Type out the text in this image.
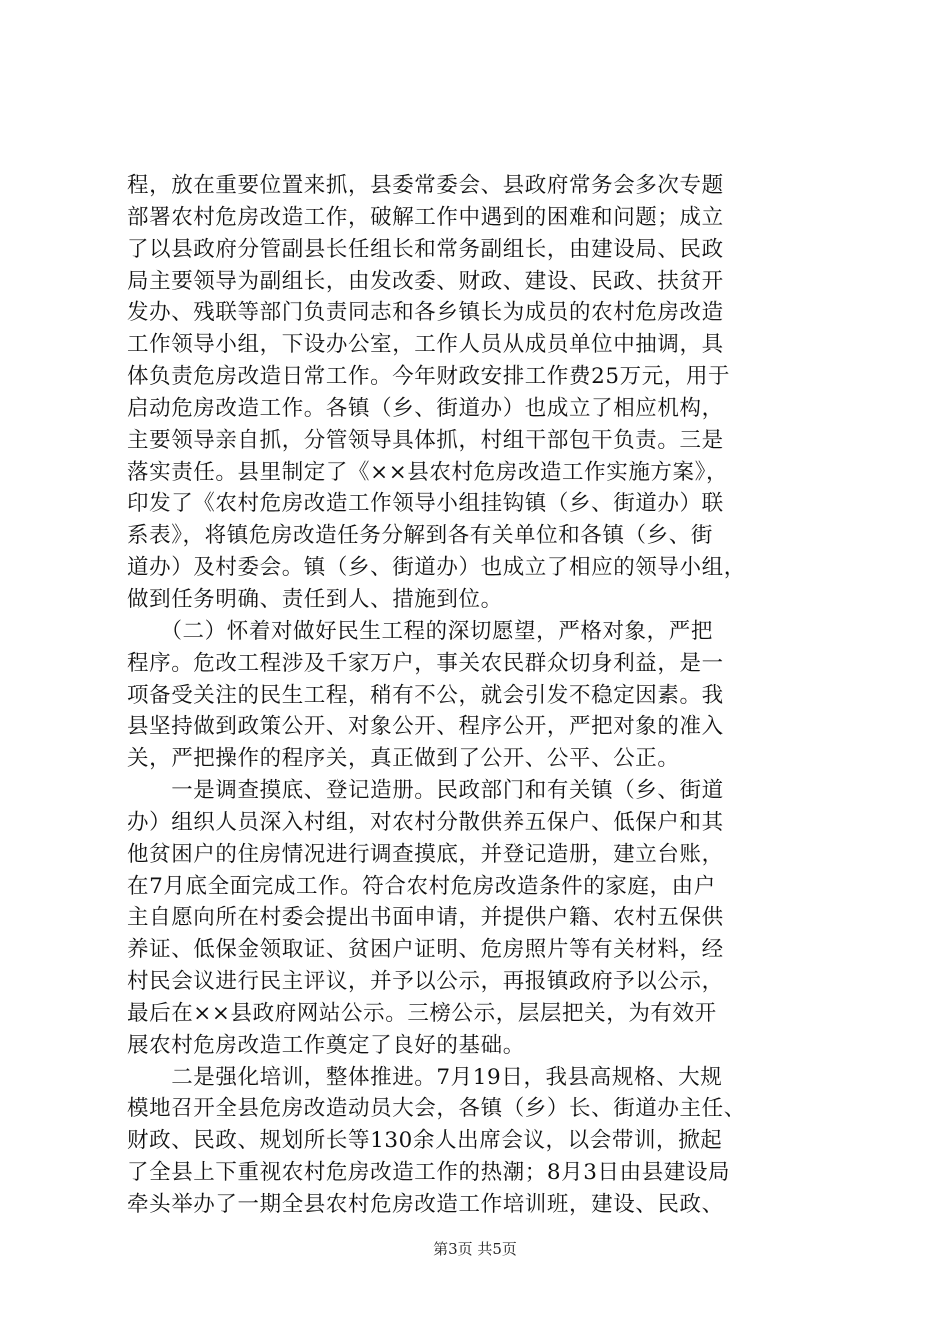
程，放在重要位置来抓，县委常委会、县政府常务会多次专题
部署农村危房改造工作，破解工作中遇到的困难和问题；成立
了以县政府分管副县长任组长和常务副组长，由建设局、民政
局主要领导为副组长，由发改委、财政、建设、民政、扶贫开
发办、残联等部门负责同志和各乡镇长为成员的农村危房改造
工作领导小组，下设办公室，工作人员从成员单位中抽调，具
体负责危房改造日常工作。今年财政安排工作费25万元，用于
启动危房改造工作。各镇（乡、街道办）也成立了相应机构，
主要领导亲自抓，分管领导具体抓，村组干部包干负责。三是
落实责任。县里制定了《××县农村危房改造工作实施方案》，
印发了《农村危房改造工作领导小组挂钩镇（乡、街道办）联
系表》，将镇危房改造任务分解到各有关单位和各镇（乡、街
道办）及村委会。镇（乡、街道办）也成立了相应的领导小组，
做到任务明确、责任到人、措施到位。
　　（二）怀着对做好民生工程的深切愿望，严格对象，严把
程序。危改工程涉及千家万户，事关农民群众切身利益，是一
项备受关注的民生工程，稍有不公，就会引发不稳定因素。我
县坚持做到政策公开、对象公开、程序公开，严把对象的准入
关，严把操作的程序关，真正做到了公开、公平、公正。
　　一是调查摸底、登记造册。民政部门和有关镇（乡、街道
办）组织人员深入村组，对农村分散供养五保户、低保户和其
他贫困户的住房情况进行调查摸底，并登记造册，建立台账，
在7月底全面完成工作。符合农村危房改造条件的家庭，由户
主自愿向所在村委会提出书面申请，并提供户籍、农村五保供
养证、低保金领取证、贫困户证明、危房照片等有关材料，经
村民会议进行民主评议，并予以公示，再报镇政府予以公示，
最后在××县政府网站公示。三榜公示，层层把关，为有效开
展农村危房改造工作奠定了良好的基础。
　　二是强化培训，整体推进。7月19日，我县高规格、大规
模地召开全县危房改造动员大会，各镇（乡）长、街道办主任、
财政、民政、规划所长等130余人出席会议，以会带训，掀起
了全县上下重视农村危房改造工作的热潮；8月3日由县建设局
牵头举办了一期全县农村危房改造工作培训班，建设、民政、
第3页 共5页
